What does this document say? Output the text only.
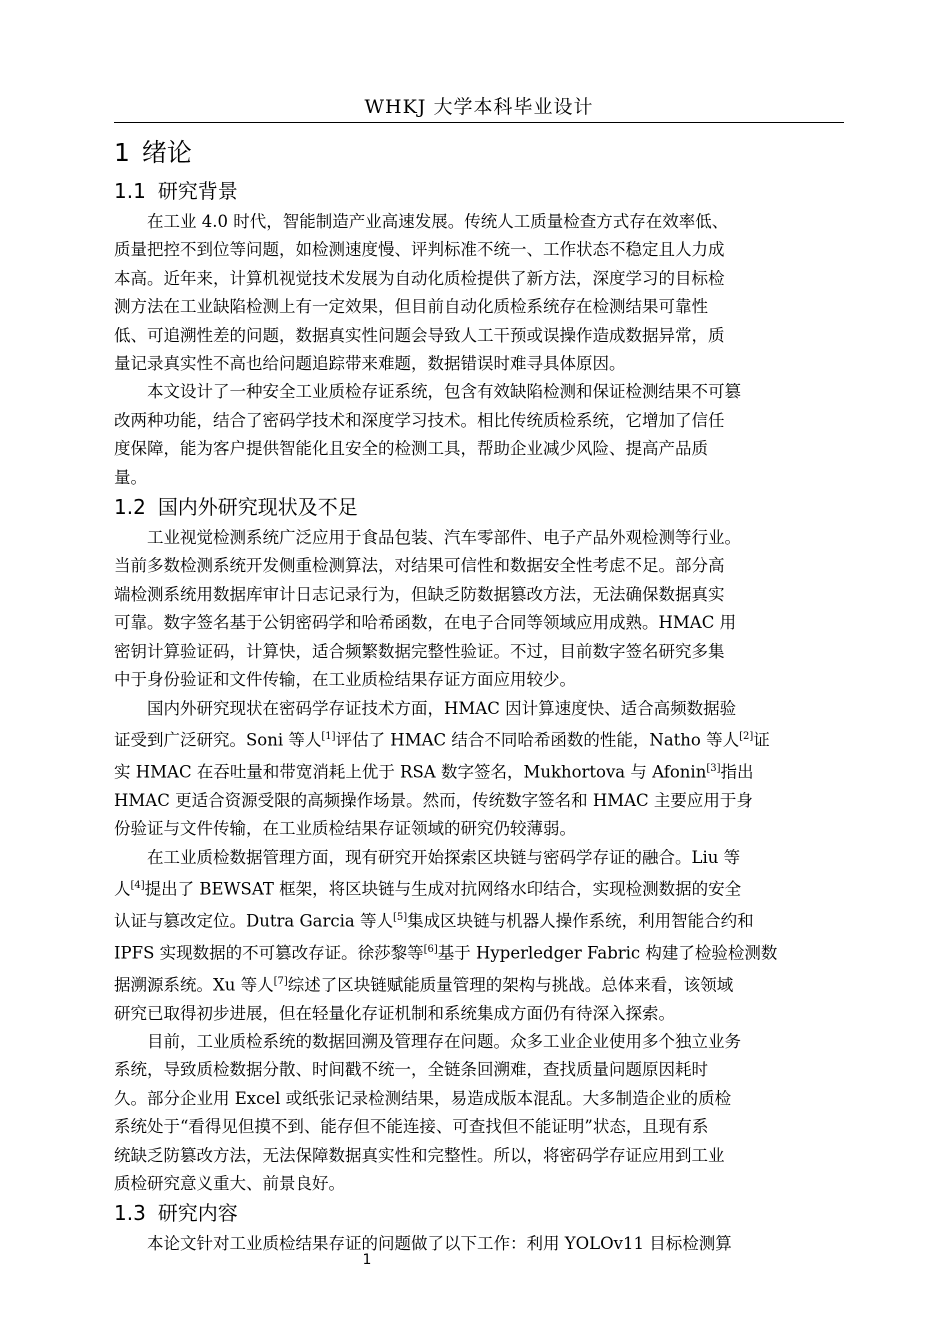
WHKJ 大学本科毕业设计
1 绪论
1.1 研究背景

在工业 4.0 时代，智能制造产业高速发展。传统人工质量检查方式存在效率低、
质量把控不到位等问题，如检测速度慢、评判标准不统一、工作状态不稳定且人力成
本高。近年来，计算机视觉技术发展为自动化质检提供了新方法，深度学习的目标检
测方法在工业缺陷检测上有一定效果，但目前自动化质检系统存在检测结果可靠性
低、可追溯性差的问题，数据真实性问题会导致人工干预或误操作造成数据异常，质
量记录真实性不高也给问题追踪带来难题，数据错误时难寻具体原因。

本文设计了一种安全工业质检存证系统，包含有效缺陷检测和保证检测结果不可篡
改两种功能，结合了密码学技术和深度学习技术。相比传统质检系统，它增加了信任
度保障，能为客户提供智能化且安全的检测工具，帮助企业减少风险、提高产品质
量。

1.2 国内外研究现状及不足

工业视觉检测系统广泛应用于食品包装、汽车零部件、电子产品外观检测等行业。
当前多数检测系统开发侧重检测算法，对结果可信性和数据安全性考虑不足。部分高
端检测系统用数据库审计日志记录行为，但缺乏防数据篡改方法，无法确保数据真实
可靠。数字签名基于公钥密码学和哈希函数，在电子合同等领域应用成熟。HMAC 用
密钥计算验证码，计算快，适合频繁数据完整性验证。不过，目前数字签名研究多集
中于身份验证和文件传输，在工业质检结果存证方面应用较少。

国内外研究现状在密码学存证技术方面，HMAC 因计算速度快、适合高频数据验
证受到广泛研究。Soni 等人[1]评估了 HMAC 结合不同哈希函数的性能，Natho 等人[2]证
实 HMAC 在吞吐量和带宽消耗上优于 RSA 数字签名，Mukhortova 与 Afonin[3]指出
HMAC 更适合资源受限的高频操作场景。然而，传统数字签名和 HMAC 主要应用于身
份验证与文件传输，在工业质检结果存证领域的研究仍较薄弱。

在工业质检数据管理方面，现有研究开始探索区块链与密码学存证的融合。Liu 等
人[4]提出了 BEWSAT 框架，将区块链与生成对抗网络水印结合，实现检测数据的安全
认证与篡改定位。Dutra Garcia 等人[5]集成区块链与机器人操作系统，利用智能合约和
IPFS 实现数据的不可篡改存证。徐莎黎等[6]基于 Hyperledger Fabric 构建了检验检测数
据溯源系统。Xu 等人[7]综述了区块链赋能质量管理的架构与挑战。总体来看，该领域
研究已取得初步进展，但在轻量化存证机制和系统集成方面仍有待深入探索。

目前，工业质检系统的数据回溯及管理存在问题。众多工业企业使用多个独立业务
系统，导致质检数据分散、时间戳不统一，全链条回溯难，查找质量问题原因耗时
久。部分企业用 Excel 或纸张记录检测结果，易造成版本混乱。大多制造企业的质检
系统处于“看得见但摸不到、能存但不能连接、可查找但不能证明”状态，且现有系
统缺乏防篡改方法，无法保障数据真实性和完整性。所以，将密码学存证应用到工业
质检研究意义重大、前景良好。

1.3 研究内容

本论文针对工业质检结果存证的问题做了以下工作：利用 YOLOv11 目标检测算

1
